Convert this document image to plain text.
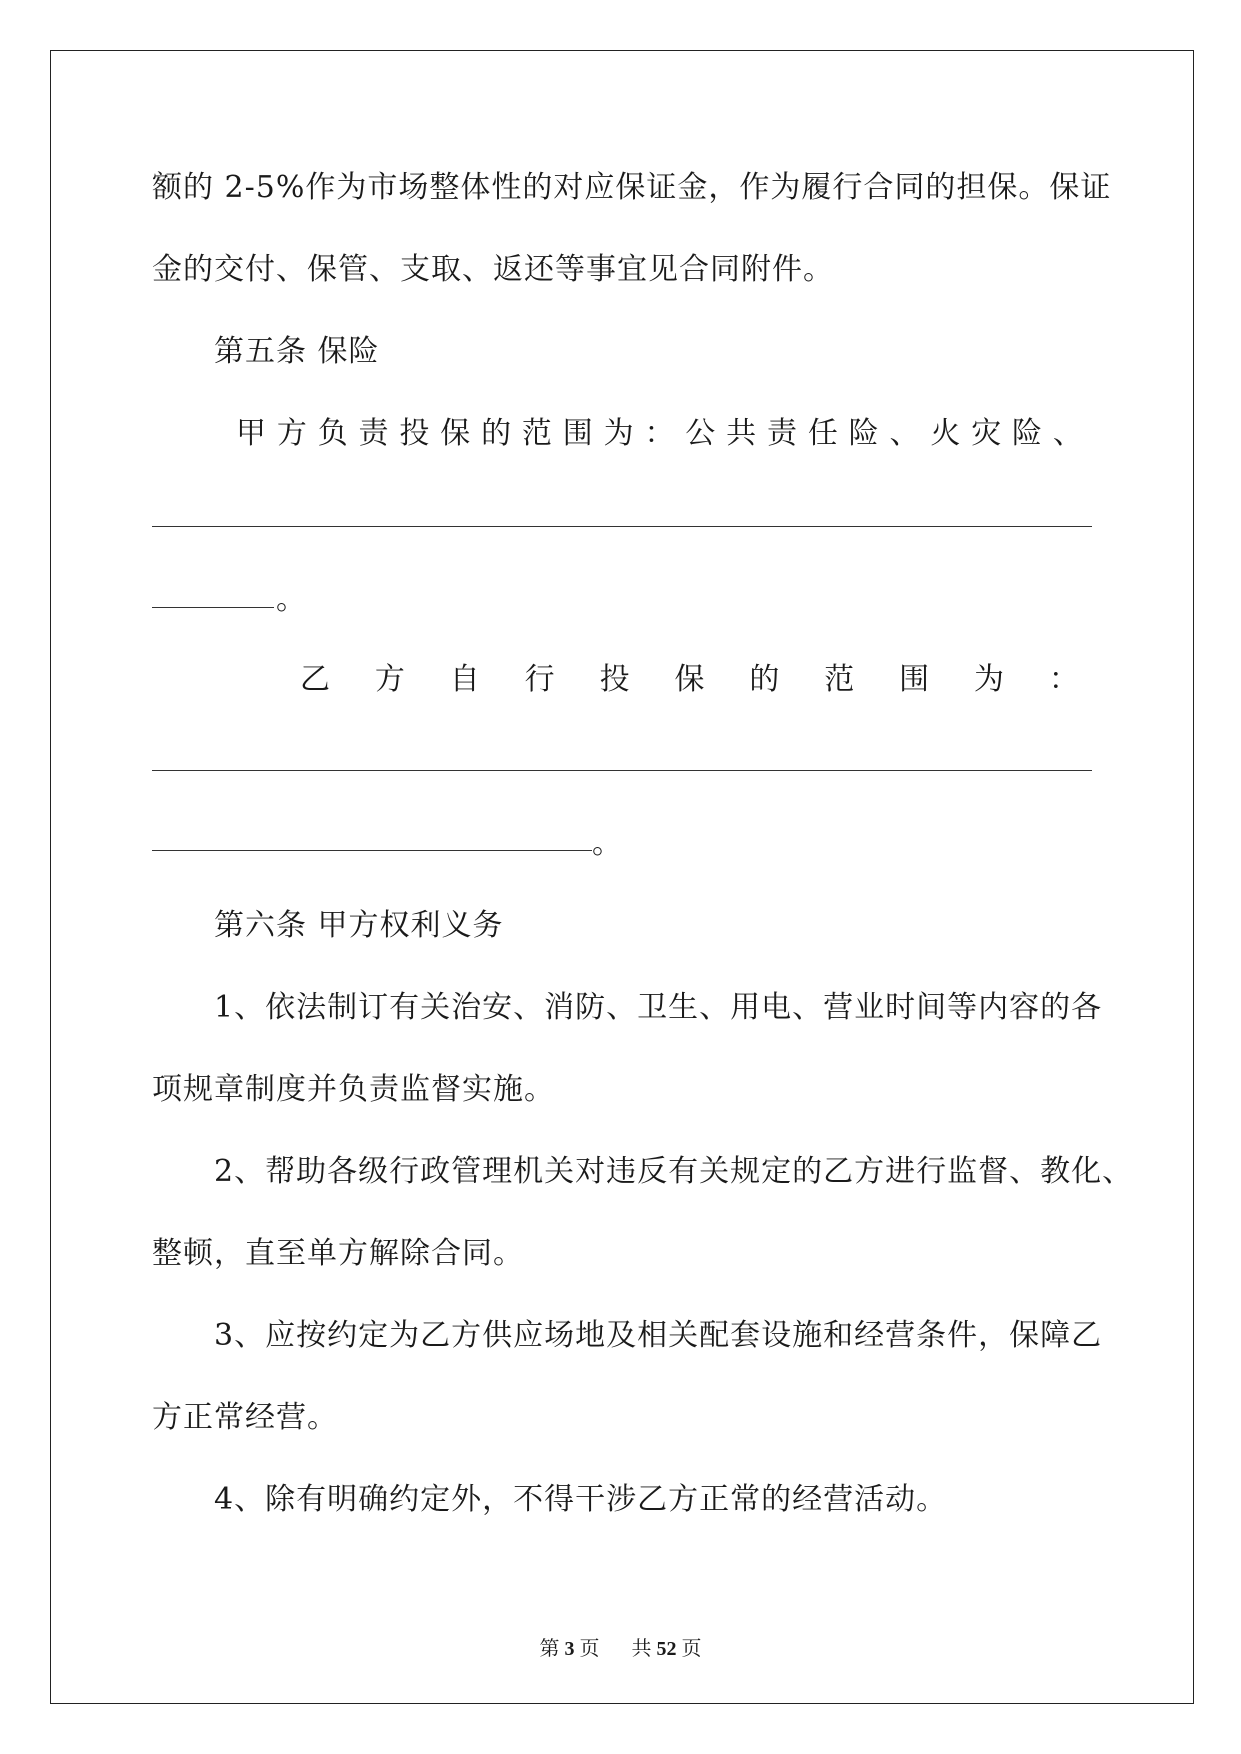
额的 2-5%作为市场整体性的对应保证金，作为履行合同的担保。保证
金的交付、保管、支取、返还等事宜见合同附件。
第五条 保险
甲 方 负 责 投 保 的 范 围 为 ： 公 共 责 任 险 、 火 灾 险 、
。
乙 方 自 行 投 保 的 范 围 为 ：
。
第六条 甲方权利义务
1、依法制订有关治安、消防、卫生、用电、营业时间等内容的各
项规章制度并负责监督实施。
2、帮助各级行政管理机关对违反有关规定的乙方进行监督、教化、
整顿，直至单方解除合同。
3、应按约定为乙方供应场地及相关配套设施和经营条件，保障乙
方正常经营。
4、除有明确约定外，不得干涉乙方正常的经营活动。
第 3 页 共 52 页
